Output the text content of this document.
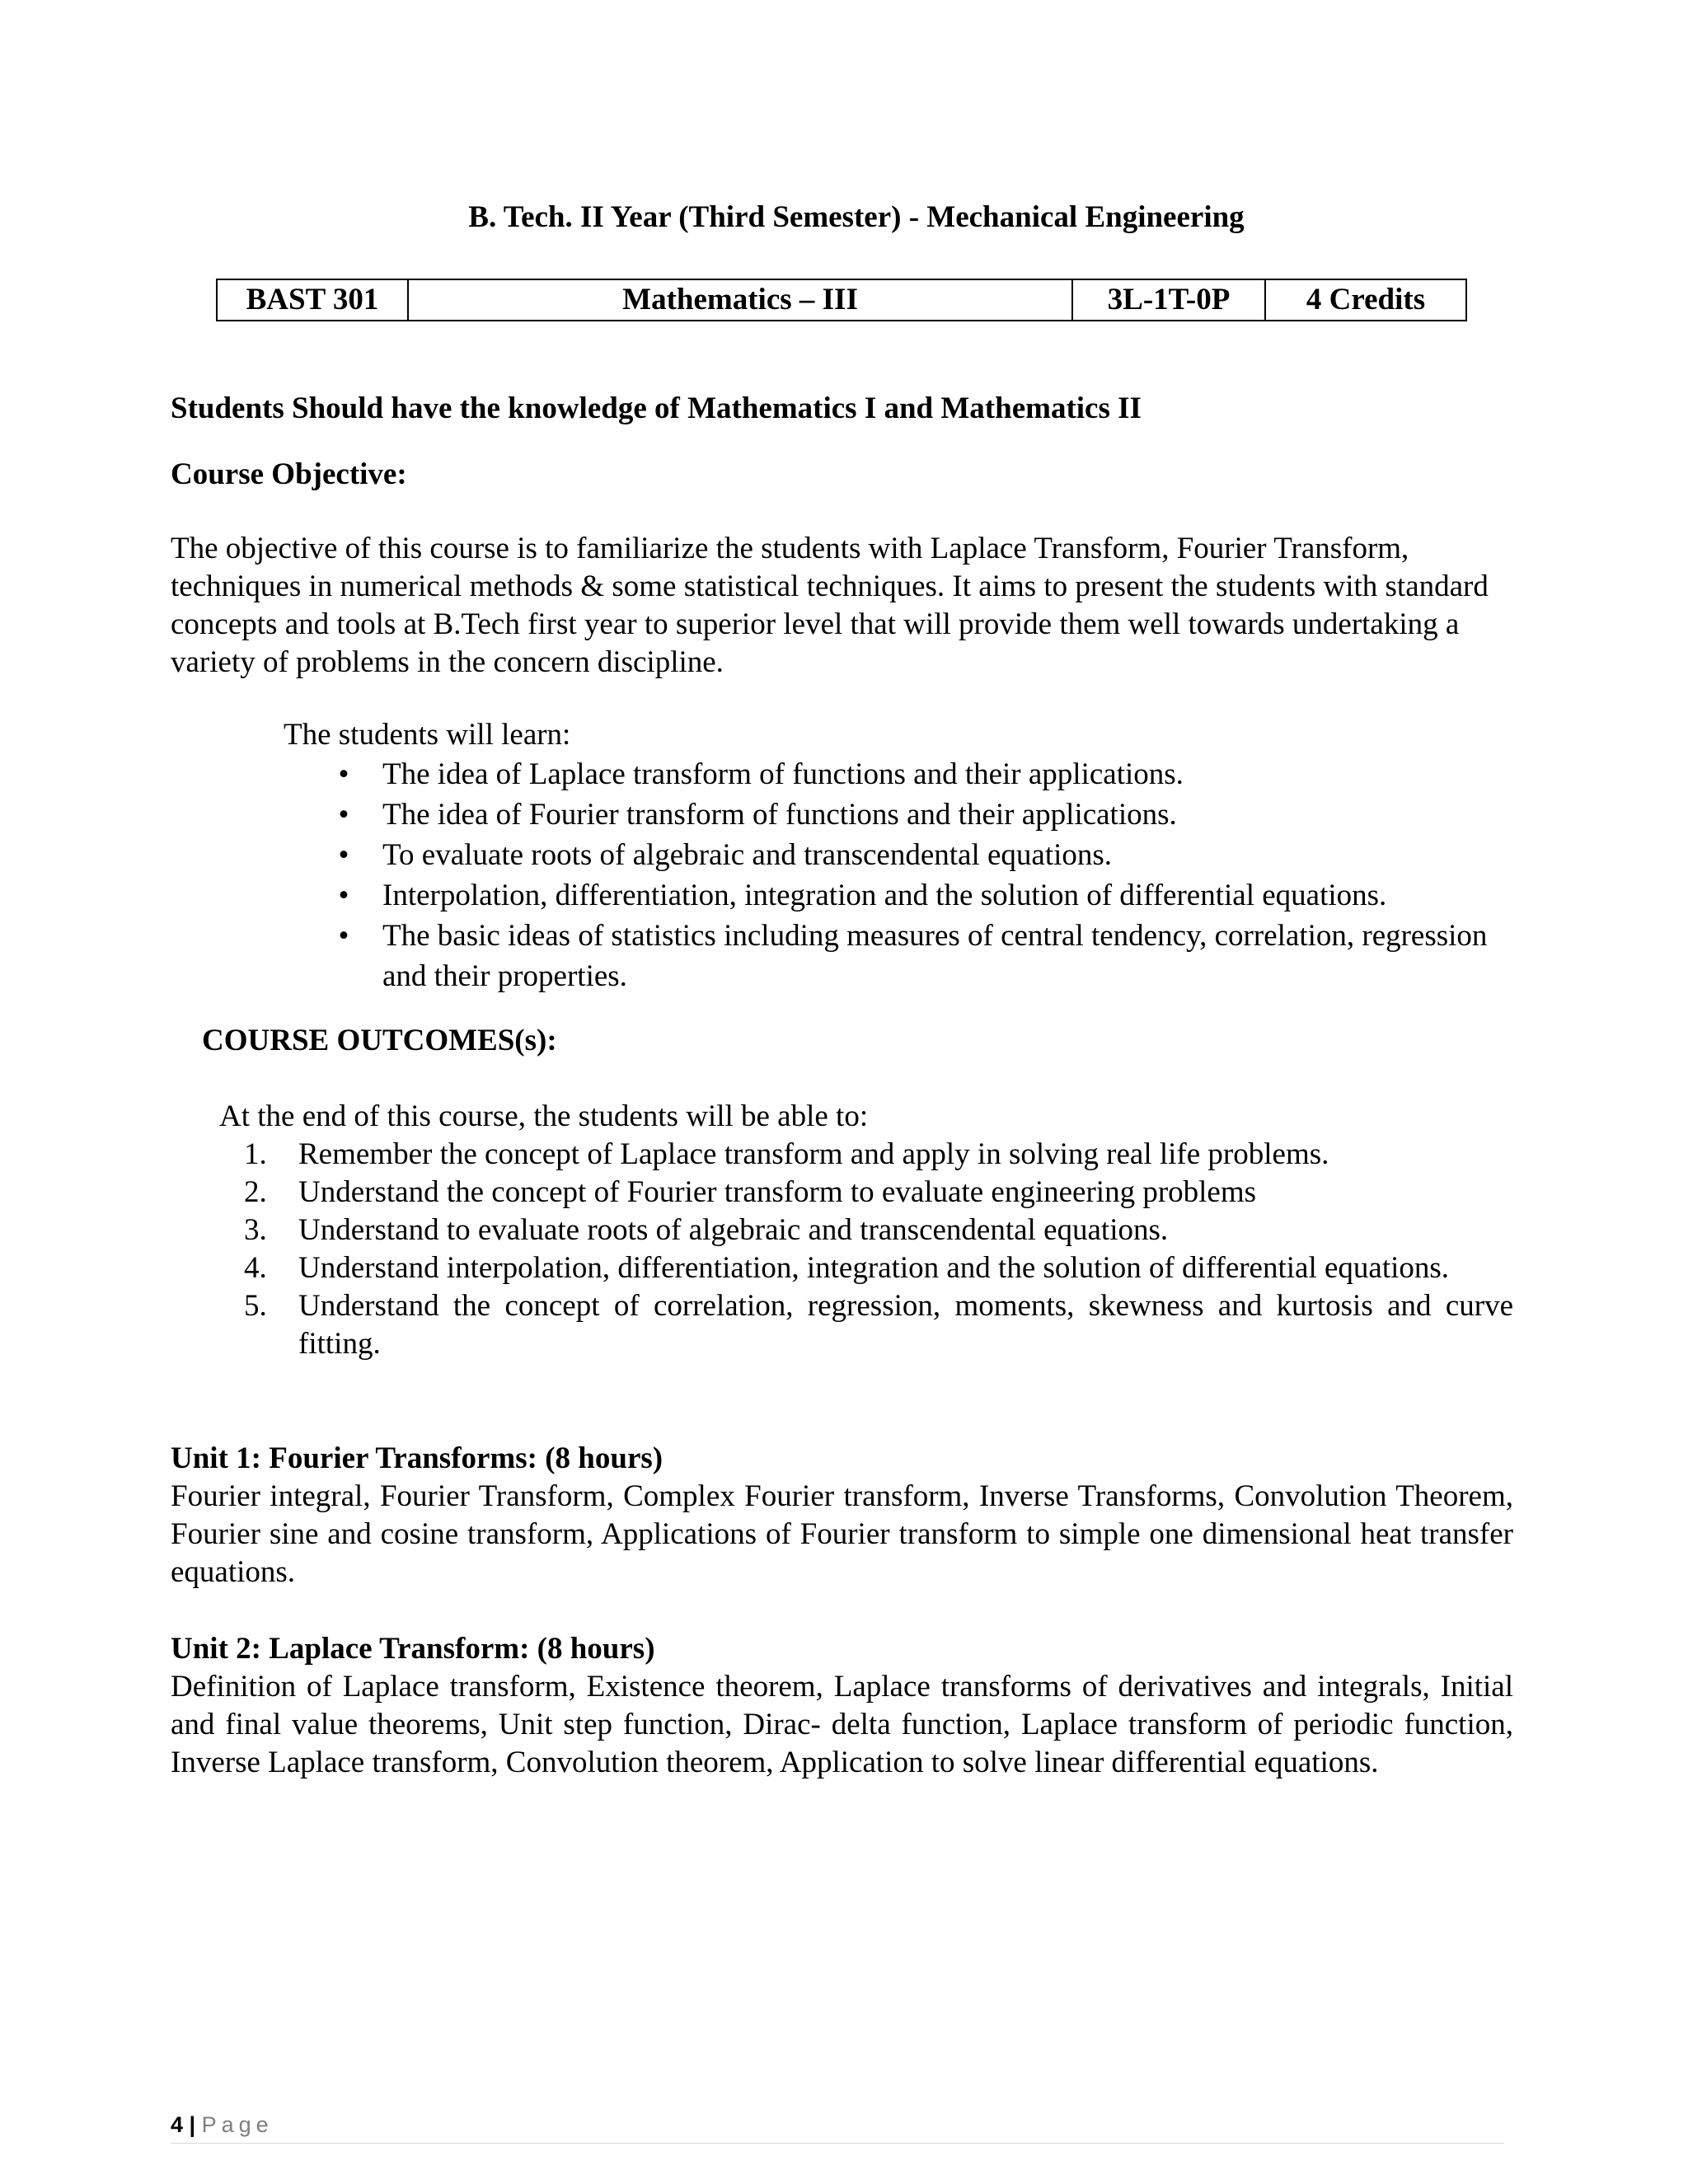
B. Tech. II Year (Third Semester) - Mechanical Engineering
BAST 301	Mathematics – III	3L-1T-0P	4 Credits
Students Should have the knowledge of Mathematics I and Mathematics II
Course Objective:
The objective of this course is to familiarize the students with Laplace Transform, Fourier Transform, techniques in numerical methods & some statistical techniques. It aims to present the students with standard concepts and tools at B.Tech first year to superior level that will provide them well towards undertaking a variety of problems in the concern discipline.
The students will learn:
• The idea of Laplace transform of functions and their applications.
• The idea of Fourier transform of functions and their applications.
• To evaluate roots of algebraic and transcendental equations.
• Interpolation, differentiation, integration and the solution of differential equations.
• The basic ideas of statistics including measures of central tendency, correlation, regression and their properties.
COURSE OUTCOMES(s):
At the end of this course, the students will be able to:
1. Remember the concept of Laplace transform and apply in solving real life problems.
2. Understand the concept of Fourier transform to evaluate engineering problems
3. Understand to evaluate roots of algebraic and transcendental equations.
4. Understand interpolation, differentiation, integration and the solution of differential equations.
5. Understand the concept of correlation, regression, moments, skewness and kurtosis and curve fitting.
Unit 1: Fourier Transforms: (8 hours)
Fourier integral, Fourier Transform, Complex Fourier transform, Inverse Transforms, Convolution Theorem, Fourier sine and cosine transform, Applications of Fourier transform to simple one dimensional heat transfer equations.
Unit 2: Laplace Transform: (8 hours)
Definition of Laplace transform, Existence theorem, Laplace transforms of derivatives and integrals, Initial and final value theorems, Unit step function, Dirac- delta function, Laplace transform of periodic function, Inverse Laplace transform, Convolution theorem, Application to solve linear differential equations.
4 | Page
